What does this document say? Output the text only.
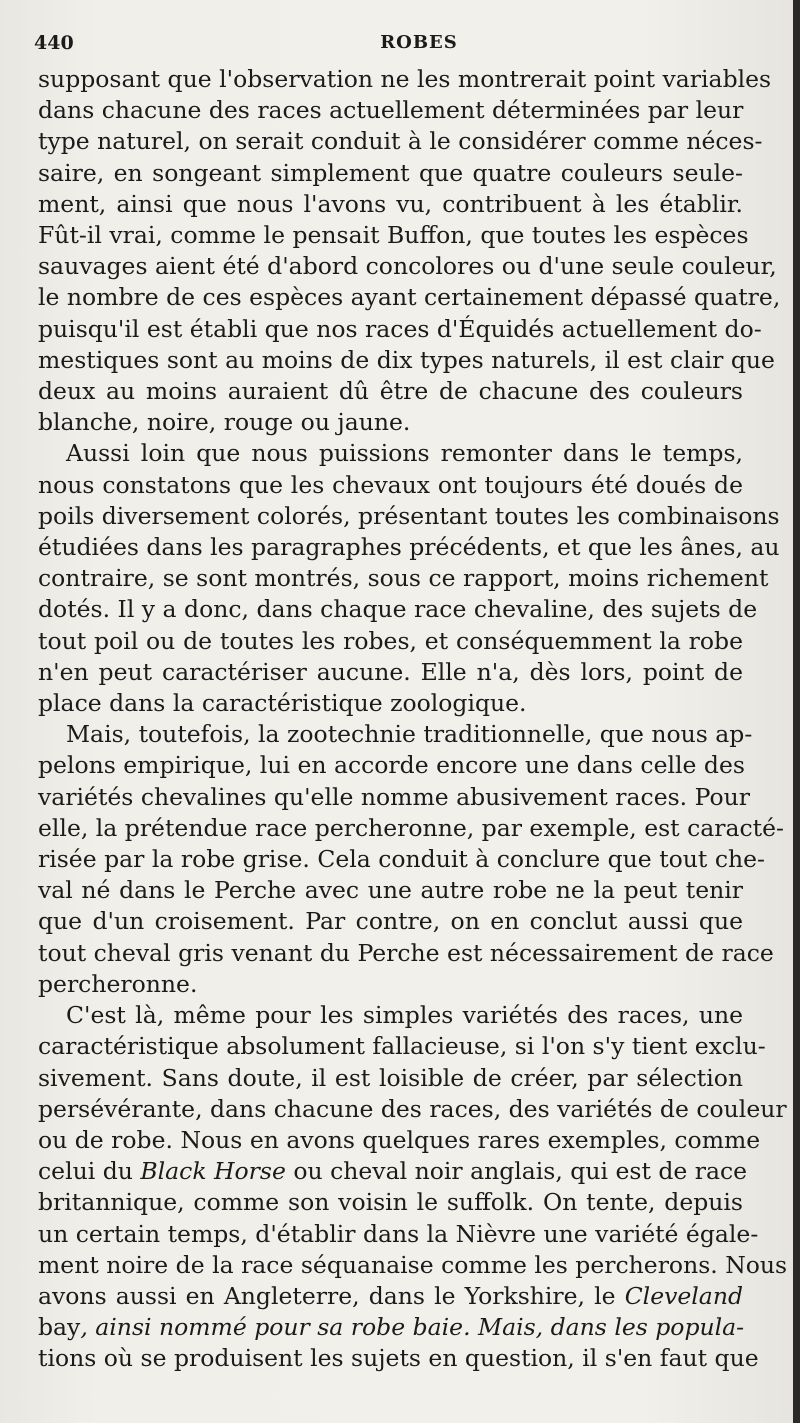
440	ROBES
supposant que l'observation ne les montrerait point variables
dans chacune des races actuellement déterminées par leur
type naturel, on serait conduit à le considérer comme néces-
saire, en songeant simplement que quatre couleurs seule-
ment, ainsi que nous l'avons vu, contribuent à les établir.
Fût-il vrai, comme le pensait Buffon, que toutes les espèces
sauvages aient été d'abord concolores ou d'une seule couleur,
le nombre de ces espèces ayant certainement dépassé quatre,
puisqu'il est établi que nos races d'Équidés actuellement do-
mestiques sont au moins de dix types naturels, il est clair que
deux au moins auraient dû être de chacune des couleurs
blanche, noire, rouge ou jaune.
Aussi loin que nous puissions remonter dans le temps,
nous constatons que les chevaux ont toujours été doués de
poils diversement colorés, présentant toutes les combinaisons
étudiées dans les paragraphes précédents, et que les ânes, au
contraire, se sont montrés, sous ce rapport, moins richement
dotés. Il y a donc, dans chaque race chevaline, des sujets de
tout poil ou de toutes les robes, et conséquemment la robe
n'en peut caractériser aucune. Elle n'a, dès lors, point de
place dans la caractéristique zoologique.
Mais, toutefois, la zootechnie traditionnelle, que nous ap-
pelons empirique, lui en accorde encore une dans celle des
variétés chevalines qu'elle nomme abusivement races. Pour
elle, la prétendue race percheronne, par exemple, est caracté-
risée par la robe grise. Cela conduit à conclure que tout che-
val né dans le Perche avec une autre robe ne la peut tenir
que d'un croisement. Par contre, on en conclut aussi que
tout cheval gris venant du Perche est nécessairement de race
percheronne.
C'est là, même pour les simples variétés des races, une
caractéristique absolument fallacieuse, si l'on s'y tient exclu-
sivement. Sans doute, il est loisible de créer, par sélection
persévérante, dans chacune des races, des variétés de couleur
ou de robe. Nous en avons quelques rares exemples, comme
celui du Black Horse ou cheval noir anglais, qui est de race
britannique, comme son voisin le suffolk. On tente, depuis
un certain temps, d'établir dans la Nièvre une variété égale-
ment noire de la race séquanaise comme les percherons. Nous
avons aussi en Angleterre, dans le Yorkshire, le Cleveland
bay, ainsi nommé pour sa robe baie. Mais, dans les popula-
tions où se produisent les sujets en question, il s'en faut que
